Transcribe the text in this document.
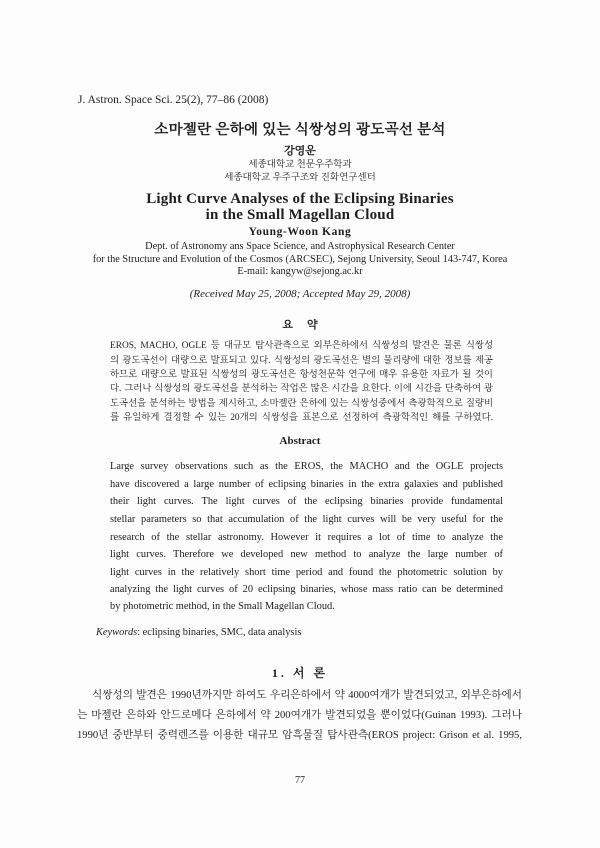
J. Astron. Space Sci. 25(2), 77–86 (2008)
소마젤란 은하에 있는 식쌍성의 광도곡선 분석
강영운
세종대학교 천문우주학과
세종대학교 우주구조와 진화연구센터
Light Curve Analyses of the Eclipsing Binaries
in the Small Magellan Cloud
Young-Woon Kang
Dept. of Astronomy ans Space Science, and Astrophysical Research Center
for the Structure and Evolution of the Cosmos (ARCSEC), Sejong University, Seoul 143-747, Korea
E-mail: kangyw@sejong.ac.kr
(Received May 25, 2008; Accepted May 29, 2008)
요약
EROS, MACHO, OGLE 등 대규모 탐사관측으로 외부은하에서 식쌍성의 발견은 물론 식쌍성
의 광도곡선이 대량으로 발표되고 있다. 식쌍성의 광도곡선은 별의 물리량에 대한 정보를 제공
하므로 대량으로 발표된 식쌍성의 광도곡선은 항성천문학 연구에 매우 유용한 자료가 될 것이
다. 그러나 식쌍성의 광도곡선을 분석하는 작업은 많은 시간을 요한다. 이에 시간을 단축하여 광
도곡선을 분석하는 방법을 제시하고, 소마젤란 은하에 있는 식쌍성중에서 측광학적으로 질량비
를 유일하게 결정할 수 있는 20개의 식쌍성을 표본으로 선정하여 측광학적인 해를 구하였다.
Abstract
Large survey observations such as the EROS, the MACHO and the OGLE projects
have discovered a large number of eclipsing binaries in the extra galaxies and published
their light curves. The light curves of the eclipsing binaries provide fundamental
stellar parameters so that accumulation of the light curves will be very useful for the
research of the stellar astronomy. However it requires a lot of time to analyze the
light curves. Therefore we developed new method to analyze the large number of
light curves in the relatively short time period and found the photometric solution by
analyzing the light curves of 20 eclipsing binaries, whose mass ratio can be determined
by photometric method, in the Small Magellan Cloud.
Keywords: eclipsing binaries, SMC, data analysis
1. 서 론
식쌍성의 발견은 1990년까지만 하여도 우리은하에서 약 4000여개가 발견되었고, 외부은하에서
는 마젤란 은하와 안드로메다 은하에서 약 200여개가 발견되었을 뿐이었다(Guinan 1993). 그러나
1990년 중반부터 중력렌즈를 이용한 대규모 암흑물질 탐사관측(EROS project: Grison et al. 1995,
77
